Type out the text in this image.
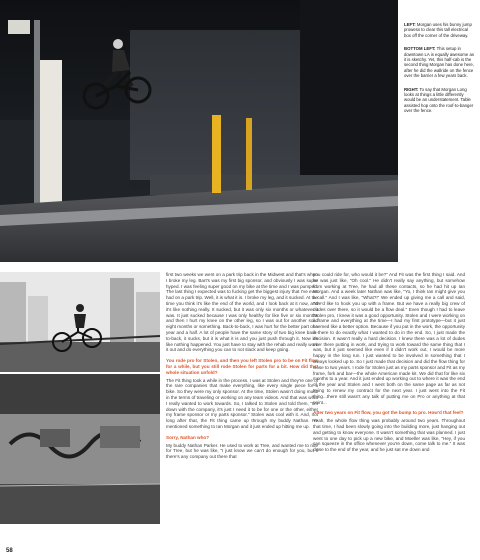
LEFT: Morgan uses his bunny jump prowess to clear this tall electrical box off the corner of the driveway.

BOTTOM LEFT: This setup in downtown LA is equally awesome as it is sketchy. Yet, this half-cab is the second thing Morgan has done here, after he did the wallride on the fence over the barrier a few years back.

RIGHT: To say that Morgan Long looks at things a little differently would be an understatement. Table assisted hop onto the roof-to-banger over the fence.

first two weeks we went on a park trip back in the Midwest and that's when I broke my leg. Bart's was my first big sponsor, and obviously I was super hyped. I was feeling super good on my bike at the time and I was pumped. The last thing I expected was to fucking get the biggest injury that I've ever had on a park trip. Well, it is what it is. I broke my leg, and it sucked. At the time you think it's like the end of the world, and I look back at it now, and it's like nothing really. It sucked, but it was only six months or whatever it was. It just sucked because I was only healthy for like five or six months and then I hurt my knee on the other leg, so I was out for another solid eight months or something. Back-to-back, I was hurt for the better part of a year and a half. A lot of people have the same story of two big knee back-to-back, it sucks, but it is what it is and you just push through it. Now it's like nothing happened. You just have to stay with the rehab and really work it out and do everything you can to not slack and keep going.

You rode pro for Stolen, and then you left Stolen pro to be on Fit flow for a while, but you still rode Stolen for parts for a bit. How did that whole situation unfold?

The Fit thing took a while in the process. I was at Stolen and they're one of the rare companies that make everything, like every single piece for a bike. So they were my only sponsor. At the time, Stolen wasn't doing much in the terms of traveling or working on any team videos. And that was what I really wanted to work towards. So, I talked to Stolen and told them, "I'm down with the company, it's just I need it to be for one or the other, either my frame sponsor or my parts sponsor." Stolen was cool with it. And, not long after that, the Fit thing came up through my buddy Nathan. He mentioned something to Ian Morgan and it just ended up hitting me up.

Sorry, Nathan who?

My buddy Nathan Parker. He used to work at Tree, and wanted me to ride for Tree, but he was like, "I just know we can't do enough for you, but if there's any company out there that

you could ride for, who would it be?" And Fit was the first thing I said. And he was just like, "Oh cool." He didn't really say anything, but somehow from working at Tree, he had all these contacts, so he had hit up Ian Morgan. And a week later Nathan was like, "Yo, I think Ian might give you a call." And I was like, "What?!" We ended up giving me a call and said, "We'd like to hook you up with a frame. But we have a really big crew of dudes over there, so it would be a flow deal." Even though I had to leave Stolen pro, I knew it was a good opportunity. Stolen and I were working on a frame and everything at the time—I had my first prototype—but it just seemed like a better option. Because if you put in the work, the opportunity is there to do exactly what I wanted to do in the end. So, I just made the decision. It wasn't really a hard decision. I knew there was a lot of dudes over there putting in work, and trying to work toward the same thing that I was, but it just seemed like even if it didn't work out, I would be more happy in the long run. I just wanted to be involved in something that I always looked up to. So I just made that decision and did the flow thing for close to two years. I rode for Stolen just as my parts sponsor and Fit as my frame, fork and bar—the whole American made kit. We did that for like six months to a year. And it just ended up working out to where it was the end of the year and Stolen and I went both on the same page as far as not trying to renew my contract for the next year. I just went into the Fit thing...there still wasn't any talk of putting me on Pro or anything at that point...

After two years on Fit flow, you got the bump to pro. How'd that feel?

Yeah, the whole flow thing was probably around two years. Throughout that time, I had been slowly going into the building more, just hanging out and getting to know everyone. It wasn't something that was planned. I just went to one day to pick up a new bike, and Moeller was like, "Hey, if you can squeeze in the office whenever you're down, come talk to me." It was close to the end of the year, and he just sat me down and

58
